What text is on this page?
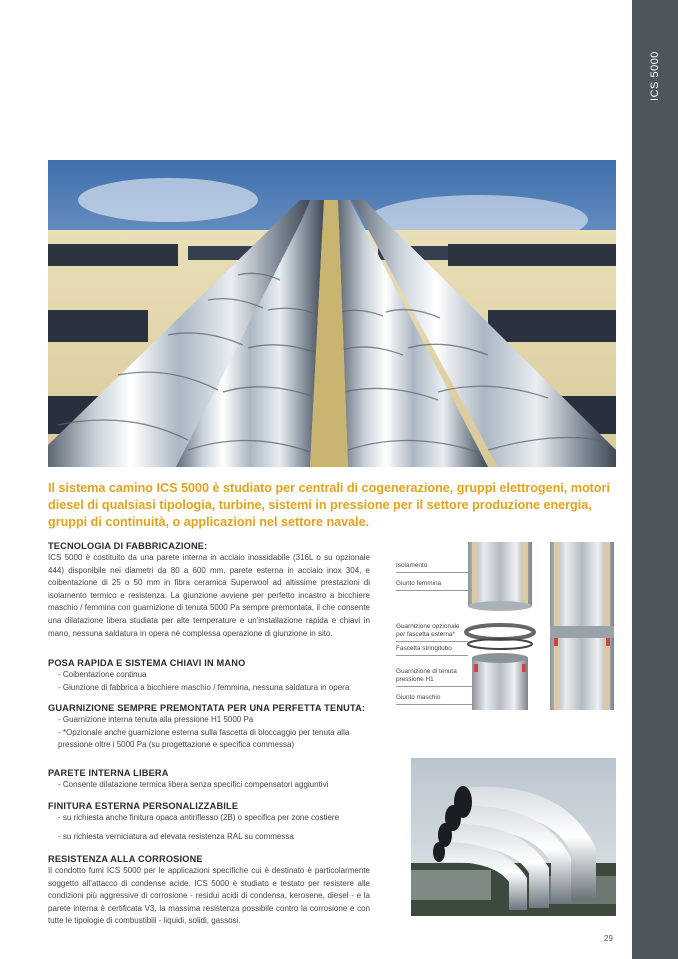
ICS 5000

Il sistema camino ICS 5000 è studiato per centrali di cogenerazione, gruppi elettrogeni, motori diesel di qualsiasi tipologia, turbine, sistemi in pressione per il settore produzione energia, gruppi di continuità, o applicazioni nel settore navale.

TECNOLOGIA DI FABBRICAZIONE:

ICS 5000 è costituito da una parete interna in acciaio inossidabile (316L o su opzionale 444) disponibile nei diametri da 80 a 600 mm, parete esterna in acciaio inox 304, e coibentazione di 25 o 50 mm in fibra ceramica Superwool ad altissime prestazioni di isolamento termico e resistenza. La giunzione avviene per perfetto incastro a bicchiere maschio / femmina con guarnizione di tenuta 5000 Pa sempre premontata, il che consente una dilatazione libera studiata per alte temperature e un'installazione rapida e chiavi in mano, nessuna saldatura in opera né complessa operazione di giunzione in sito.

POSA RAPIDA E SISTEMA CHIAVI IN MANO
- Coibentazione continua
- Giunzione di fabbrica a bicchiere maschio / femmina, nessuna saldatura in opera
GUARNIZIONE SEMPRE PREMONTATA PER UNA PERFETTA TENUTA:
- Guarnizione interna tenuta alla pressione H1 5000 Pa
- *Opzionale anche guarnizione esterna sulla fascetta di bloccaggio per tenuta alla pressione oltre i 5000 Pa (su progettazione e specifica commessa)
PARETE INTERNA LIBERA
- Consente dilatazione termica libera senza specifici compensatori aggiuntivi
FINITURA ESTERNA PERSONALIZZABILE
- su richiesta anche finitura opaca antiriflesso (2B) o specifica per zone costiere
- su richiesta verniciatura ad elevata resistenza RAL su commessa
RESISTENZA ALLA CORROSIONE

Il condotto fumi ICS 5000 per le applicazioni specifiche cui è destinato è particolarmente soggetto all'attacco di condense acide. ICS 5000 è studiato e testato per resistere alle condizioni più aggressive di corrosione - residui acidi di condensa, kerosene, diesel - e la parete interna è certificata V3, la massima resistenza possibile contro la corrosione e con tutte le tipologie di combustibili - liquidi, solidi, gassosi.

Isolamento
Giunto femmina
Guarnizione opzionale per fascetta esterna*
Fascetta stringitubo
Guarnizione di tenuta pressione H1
Giunto maschio
29
